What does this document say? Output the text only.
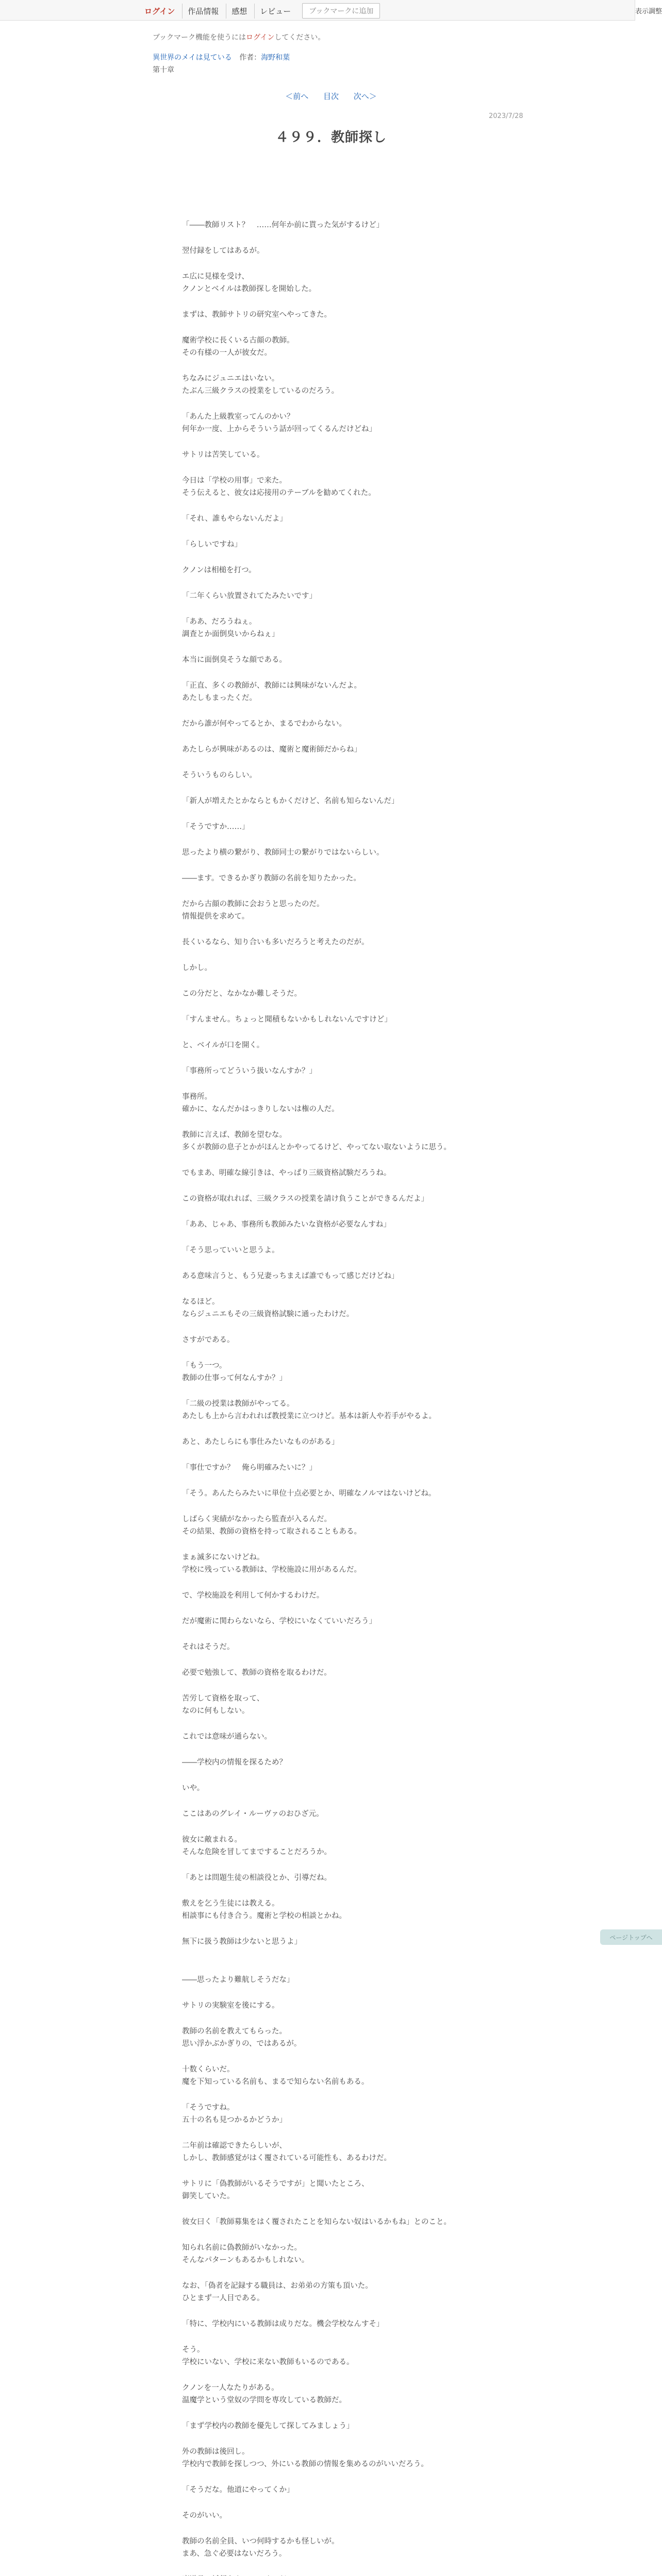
ログイン	作品情報	感想	レビュー	ブックマークに追加	表示調整
ブックマーク機能を使うにはログインしてください。
異世界のメイは見ている 作者：海野和葉
第十章
＜前へ 目次 次へ＞
2023/7/28
４９９．教師探し

「――教師リスト？　……何年か前に貰った気がするけど」

翌付録をしてはあるが。

エ広に見様を受け、
クノンとベイルは教師探しを開始した。

まずは、教師サトリの研究室へやってきた。

魔術学校に長くいる古顔の教師。
その有様の一人が彼女だ。

ちなみにジュニエはいない。
たぶん三級クラスの授業をしているのだろう。

「あんた上級教室ってんのかい？
何年か一度、上からそういう話が回ってくるんだけどね」

サトリは苦笑している。

今日は「学校の用事」で来た。
そう伝えると、彼女は応接用のテーブルを勧めてくれた。

「それ、誰もやらないんだよ」

「らしいですね」

クノンは相槌を打つ。

「二年くらい放置されてたみたいです」

「ああ、だろうねぇ。
調査とか面倒臭いからねぇ」

本当に面倒臭そうな顔である。

「正直、多くの教師が、教師には興味がないんだよ。
あたしもまったくだ。

だから誰が何やってるとか、まるでわからない。

あたしらが興味があるのは、魔術と魔術師だからね」

そういうものらしい。

「新人が増えたとかならともかくだけど、名前も知らないんだ」

「そうですか……」

思ったより横の繋がり、教師同士の繋がりではないらしい。

――ます。できるかぎり教師の名前を知りたかった。

だから古顔の教師に会おうと思ったのだ。
情報提供を求めて。

長くいるなら、知り合いも多いだろうと考えたのだが。

しかし。

この分だと、なかなか難しそうだ。

「すんません。ちょっと聞積もないかもしれないんですけど」

と、ベイルが口を開く。

「事務所ってどういう扱いなんすか？」

事務所。
確かに、なんだかはっきりしないは権の人だ。

教師に言えば、教師を望むな。
多くが教師の息子とかがほんとかやってるけど、やってない取ないように思う。

でもまあ、明確な線引きは、やっぱり三級資格試験だろうね。

この資格が取れれば、三級クラスの授業を請け負うことができるんだよ」

「ああ、じゃあ、事務所も教師みたいな資格が必要なんすね」

「そう思っていいと思うよ。

ある意味言うと、もう兄妻っちまえば誰でもって感じだけどね」

なるほど。
ならジュニエもその三級資格試験に通ったわけだ。

さすがである。

「もう一つ。
教師の仕事って何なんすか？」

「二級の授業は教師がやってる。
あたしも上から言われれば教授業に立つけど。基本は新人や若手がやるよ。

あと、あたしらにも事仕みたいなものがある」

「事仕ですか？　俺ら明確みたいに？」

「そう。あんたらみたいに単位十点必要とか、明確なノルマはないけどね。

しばらく実績がなかったら監査が入るんだ。
その結果、教師の資格を持って取されることもある。

まぁ滅多にないけどね。
学校に残っている教師は、学校施設に用があるんだ。

で、学校施設を利用して何かするわけだ。

だが魔術に関わらないなら、学校にいなくていいだろう」

それはそうだ。

必要で勉強して、教師の資格を取るわけだ。

苦労して資格を取って、
なのに何もしない。

これでは意味が通らない。

――学校内の情報を探るため？

いや。

ここはあのグレイ・ルーヴァのおひざ元。

彼女に敵まれる。
そんな危険を冒してまですることだろうか。

「あとは問題生徒の相談役とか、引導だね。

敷えを乞う生徒には教える。
相談事にも付き合う。魔術と学校の相談とかね。

無下に扱う教師は少ないと思うよ」

――思ったより難航しそうだな」

サトリの実験室を後にする。

教師の名前を教えてもらった。
思い浮かぶかぎりの、ではあるが。

十数くらいだ。
魔を下知っている名前も、まるで知らない名前もある。

「そうですね。
五十の名も見つかるかどうか」

二年前は確認できたらしいが、
しかし、教師感覚がはく覆されている可能性も、あるわけだ。

サトリに「偽教師がいるそうですが」と聞いたところ、
御笑していた。

彼女曰く「教師募集をはく覆されたことを知らない奴はいるかもね」とのこと。

知られ名前に偽教師がいなかった。
そんなパターンもあるかもしれない。

なお、「偽者を記録する職員は、お弟弟の方策も頂いた。
ひとまず一人目である。

「特に、学校内にいる教師は成りだな。機会学校なんすそ」

そう。
学校にいない、学校に来ない教師もいるのである。

クノンを一人なたりがある。
温魔学という堂奴の学問を専攻している教師だ。

「まず学校内の教師を優先して探してみましょう」

外の教師は後回し。
学校内で教師を探しつつ、外にいる教師の情報を集めるのがいいだろう。

「そうだな。他道にやってくか」

そのがいい。

教師の名前全員、いつ何時するかも怪しいが。
まあ、急ぐ必要はないだろう。

ページトップへ
